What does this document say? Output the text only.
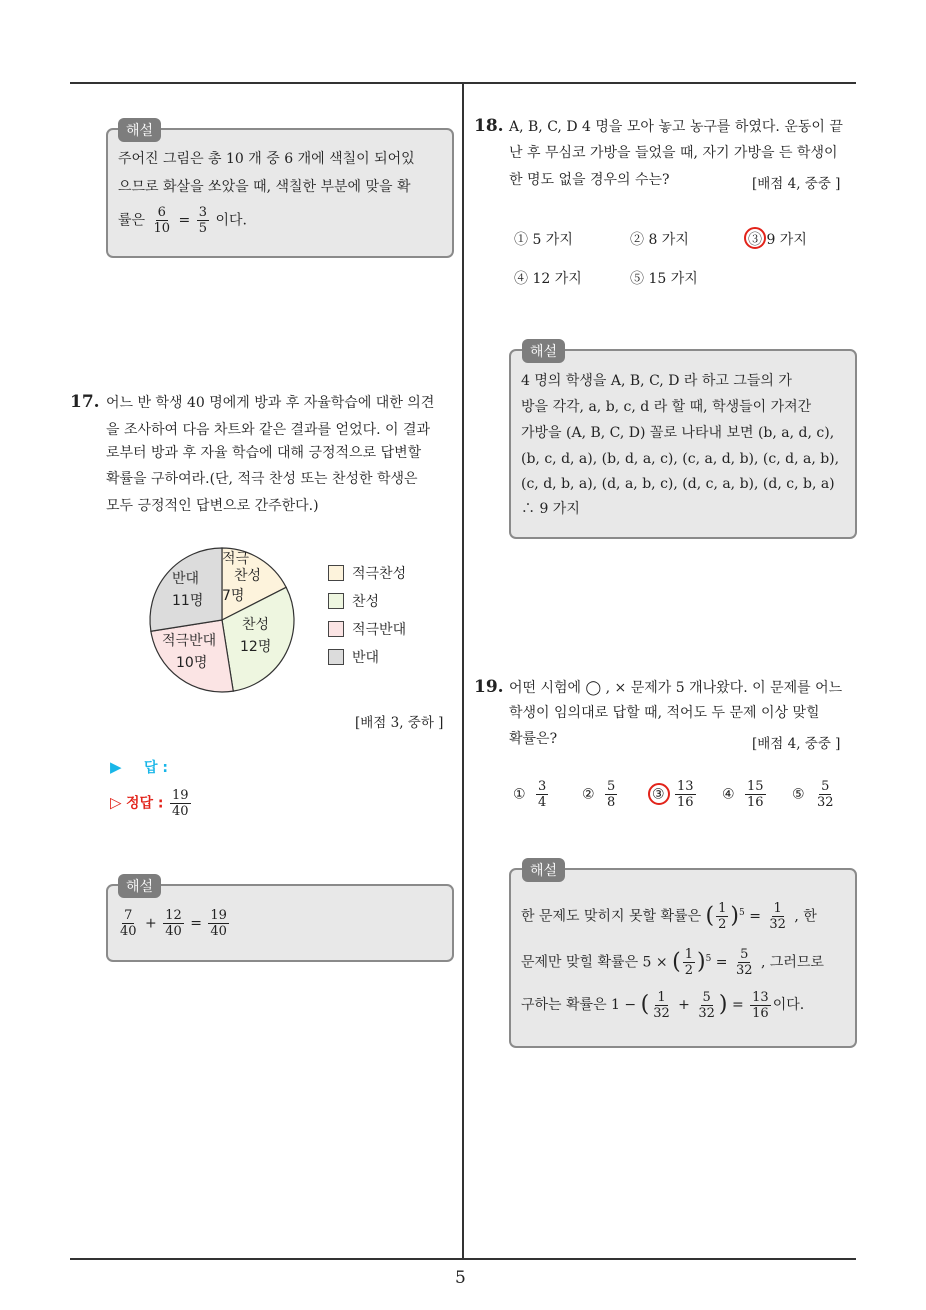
5
해설
주어진 그림은 총 10 개 중 6 개에 색칠이 되어있
으므로 화살을 쏘았을 때, 색칠한 부분에 맞을 확
률은 $\frac{6}{10} = \frac{3}{5}$ 이다.
17. 어느 반 학생 40 명에게 방과 후 자율학습에 대한 의견
을 조사하여 다음 차트와 같은 결과를 얻었다. 이 결과
로부터 방과 후 자율 학습에 대해 긍정적으로 답변할
확률을 구하여라.(단, 적극 찬성 또는 찬성한 학생은
모두 긍정적인 답변으로 간주한다.)
적극
찬성
7명
찬성
12명
적극반대
10명
반대
11명
적극찬성
찬성
적극반대
반대
[배점 3, 중하 ]
▶ 답 :
▷ 정답 : $\frac{19}{40}$
해설
$\frac{7}{40} + \frac{12}{40} = \frac{19}{40}$
18. A, B, C, D 4 명을 모아 놓고 농구를 하였다. 운동이 끝
난 후 무심코 가방을 들었을 때, 자기 가방을 든 학생이
한 명도 없을 경우의 수는?	[배점 4, 중중 ]
① 5 가지	② 8 가지	③ 9 가지
④ 12 가지	⑤ 15 가지
해설
4 명의 학생을 A, B, C, D 라 하고 그들의 가
방을 각각, a, b, c, d 라 할 때, 학생들이 가져간
가방을 (A, B, C, D) 꼴로 나타내 보면 (b, a, d, c),
(b, c, d, a), (b, d, a, c), (c, a, d, b), (c, d, a, b),
(c, d, b, a), (d, a, b, c), (d, c, a, b), (d, c, b, a)
∴ 9 가지
19. 어떤 시험에 ◯ , × 문제가 5 개나왔다. 이 문제를 어느
학생이 임의대로 답할 때, 적어도 두 문제 이상 맞힐
확률은?	[배점 4, 중중 ]
① $\frac{3}{4}$ ② $\frac{5}{8}$ ③ $\frac{13}{16}$ ④ $\frac{15}{16}$ ⑤ $\frac{5}{32}$
해설
한 문제도 맞히지 못할 확률은 ( $\frac{1}{2} )^5 = \frac{1}{32}$ , 한
문제만 맞힐 확률은 5 × ( $\frac{1}{2} )^5 = \frac{5}{32}$ , 그러므로
구하는 확률은 1 − ( $\frac{1}{32} + \frac{5}{32}$ ) = $\frac{13}{16}$ 이다.
